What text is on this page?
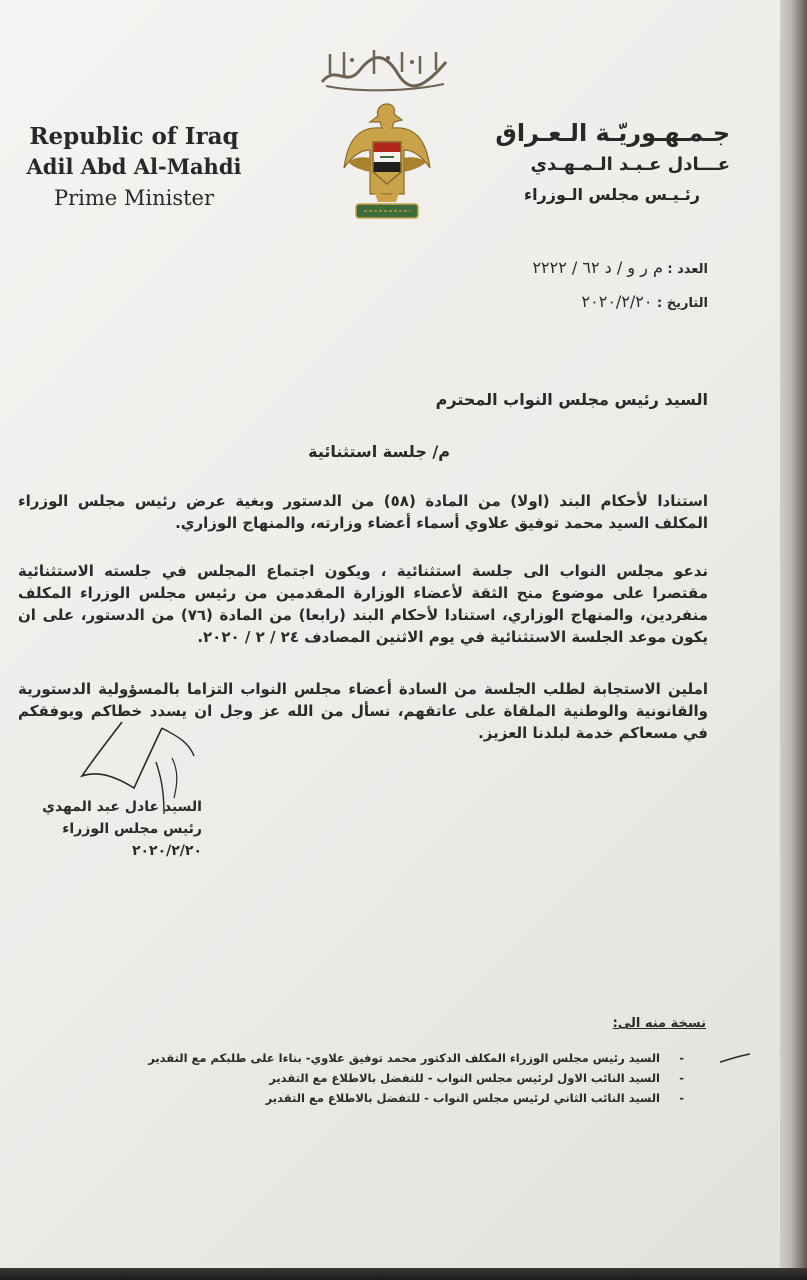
Republic of Iraq
Adil Abd Al-Mahdi
Prime Minister
جـمـهـوريّـة الـعـراق
عـــادل عـبـد الـمـهـدي
رئـيـس مجلس الـوزراء
العدد : م ر و / د ٦٢ / ٢٢٢٢
التاريخ : ٢٠٢٠/٢/٢٠
السيد رئيس مجلس النواب المحترم
م/ جلسة استثنائية
استنادا لأحكام البند (اولا) من المادة (٥٨) من الدستور وبغية عرض رئيس مجلس الوزراء المكلف السيد محمد توفيق علاوي أسماء أعضاء وزارته، والمنهاج الوزاري.
ندعو مجلس النواب الى جلسة استثنائية ، ويكون اجتماع المجلس في جلسته الاستثنائية مقتصرا على موضوع منح الثقة لأعضاء الوزارة المقدمين من رئيس مجلس الوزراء المكلف منفردين، والمنهاج الوزاري، استنادا لأحكام البند (رابعا) من المادة (٧٦) من الدستور، على ان يكون موعد الجلسة الاستثنائية في يوم الاثنين المصادف ٢٤ / ٢ / ٢٠٢٠.
املين الاستجابة لطلب الجلسة من السادة أعضاء مجلس النواب التزاما بالمسؤولية الدستورية والقانونية والوطنية الملقاة على عاتقهم، نسأل من الله عز وجل ان يسدد خطاكم ويوفقكم في مسعاكم خدمة لبلدنا العزيز.
السيد عادل عبد المهدي
رئيس مجلس الوزراء
٢٠٢٠/٢/٢٠
نسخة منه الى:
-
السيد رئيس مجلس الوزراء المكلف الدكتور محمد توفيق علاوي- بناءا على طلبكم مع التقدير
-
السيد النائب الاول لرئيس مجلس النواب - للتفضل بالاطلاع مع التقدير
-
السيد النائب الثاني لرئيس مجلس النواب - للتفضل بالاطلاع مع التقدير
